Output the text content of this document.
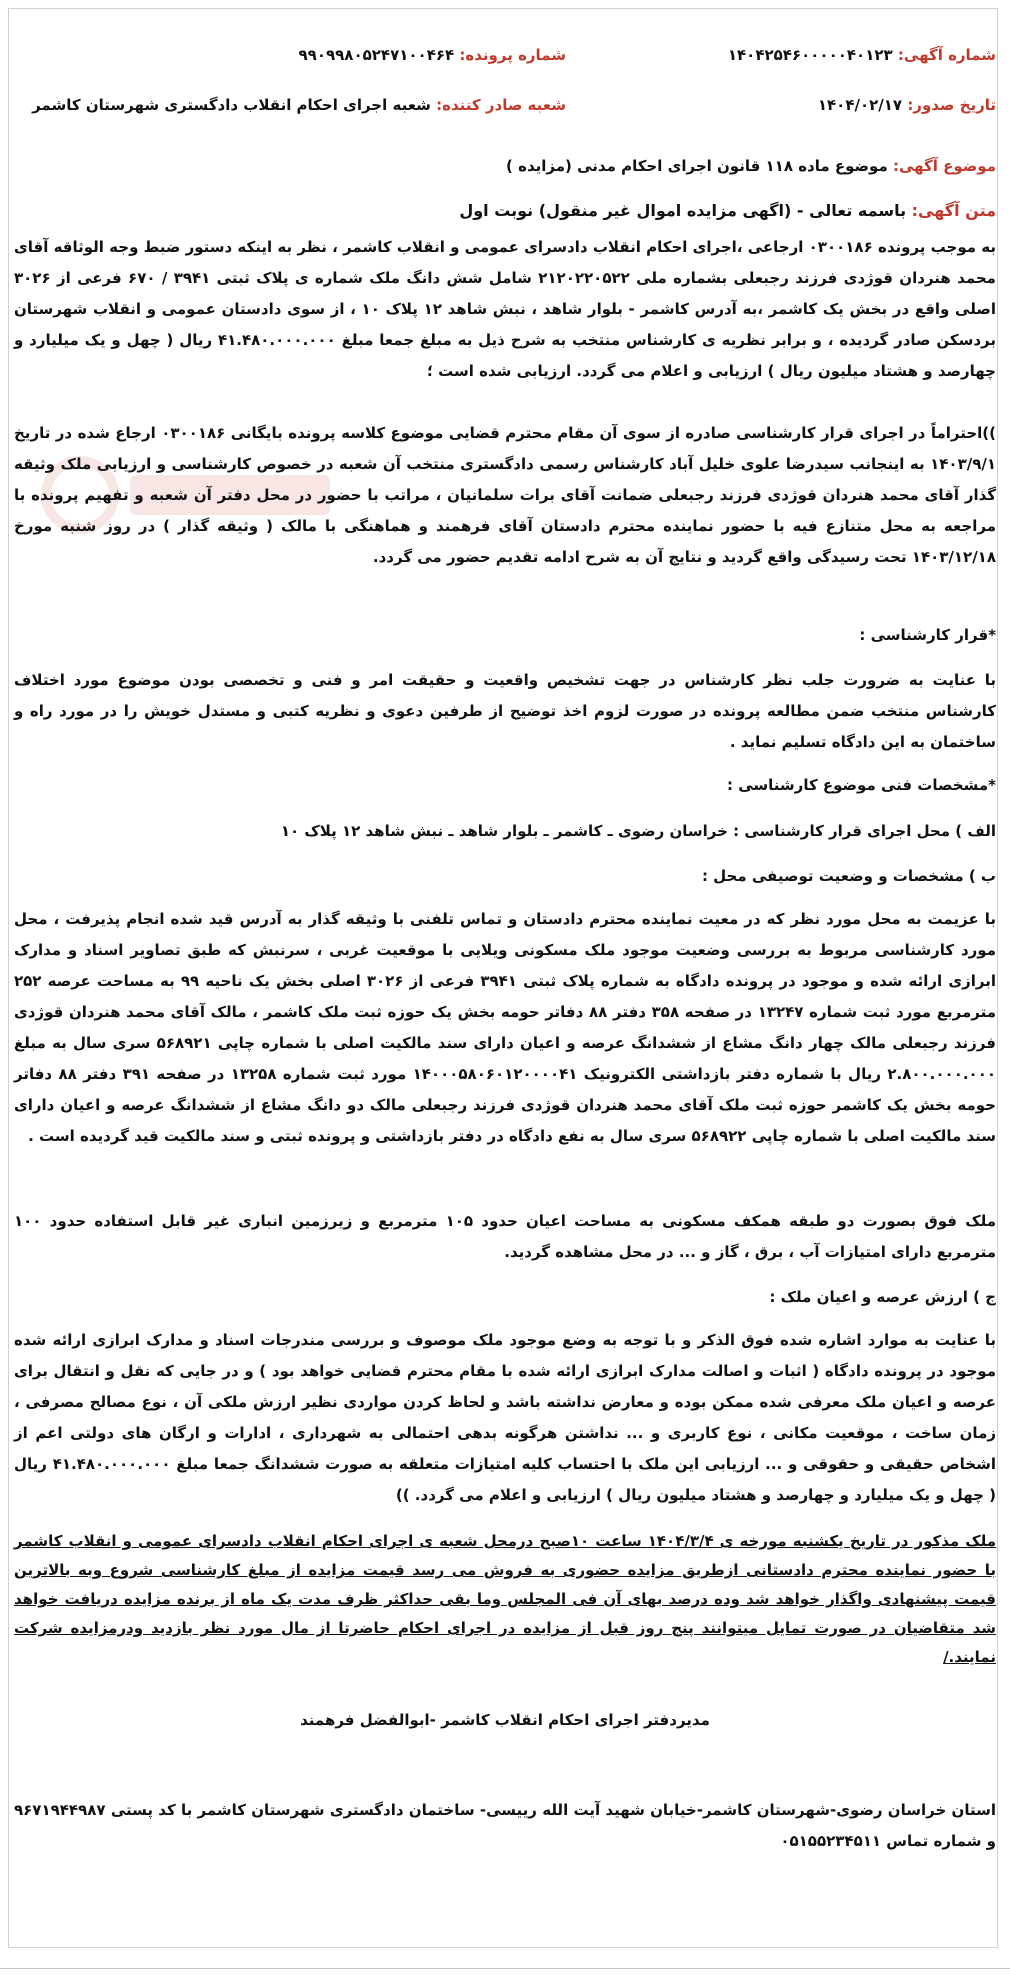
شماره آگهی: ۱۴۰۴۲۵۴۶۰۰۰۰۰۴۰۱۲۳
شماره پرونده: ۹۹۰۹۹۸۰۵۲۴۷۱۰۰۴۶۴
تاریخ صدور: ۱۴۰۴/۰۲/۱۷
شعبه صادر کننده: شعبه اجرای احکام انقلاب دادگستری شهرستان کاشمر
موضوع آگهی: موضوع ماده ۱۱۸ قانون اجرای احکام مدنی (مزایده )
متن آگهی: باسمه تعالی - (اگهی مزایده اموال غیر منقول) نوبت اول
به موجب پرونده ۰۳۰۰۱۸۶ ارجاعی ،اجرای احکام انقلاب دادسرای عمومی و انقلاب کاشمر ، نظر به اینکه دستور ضبط وجه الوثاقه آقای محمد هنردان قوژدی فرزند رجبعلی بشماره ملی ۲۱۲۰۲۲۰۵۲۲ شامل شش دانگ ملک شماره ی پلاک ثبتی ۳۹۴۱ / ۶۷۰ فرعی از ۳۰۲۶ اصلی واقع در بخش یک کاشمر ،به آدرس کاشمر - بلوار شاهد ، نبش شاهد ۱۲ پلاک ۱۰ ، از سوی دادستان عمومی و انقلاب شهرستان بردسکن صادر گردیده ، و برابر نظریه ی کارشناس منتخب به شرح ذیل به مبلغ جمعا مبلغ ۴۱.۴۸۰.۰۰۰.۰۰۰ ریال ( چهل و یک میلیارد و چهارصد و هشتاد میلیون ریال ) ارزیابی و اعلام می گردد. ارزیابی شده است ؛
))احتراماً در اجرای قرار کارشناسی صادره از سوی آن مقام محترم قضایی موضوع کلاسه پرونده بایگانی ۰۳۰۰۱۸۶ ارجاع شده در تاریخ ۱۴۰۳/۹/۱ به اینجانب سیدرضا علوی خلیل آباد کارشناس رسمی دادگستری منتخب آن شعبه در خصوص کارشناسی و ارزیابی ملک وثیقه گذار آقای محمد هنردان قوژدی فرزند رجبعلی ضمانت آقای برات سلمانیان ، مراتب با حضور در محل دفتر آن شعبه و تفهیم پرونده با مراجعه به محل متنازع فیه با حضور نماینده محترم دادستان آقای فرهمند و هماهنگی با مالک ( وثیقه گذار ) در روز شنبه مورخ ۱۴۰۳/۱۲/۱۸ تحت رسیدگی واقع گردید و نتایج آن به شرح ادامه تقدیم حضور می گردد.
*قرار کارشناسی :
با عنایت به ضرورت جلب نظر کارشناس در جهت تشخیص واقعیت و حقیقت امر و فنی و تخصصی بودن موضوع مورد اختلاف کارشناس منتخب ضمن مطالعه پرونده در صورت لزوم اخذ توضیح از طرفین دعوی و نظریه کتبی و مستدل خویش را در مورد راه و ساختمان به این دادگاه تسلیم نماید .
*مشخصات فنی موضوع کارشناسی :
الف ) محل اجرای قرار کارشناسی : خراسان رضوی ـ کاشمر ـ بلوار شاهد ـ نبش شاهد ۱۲ پلاک ۱۰
ب ) مشخصات و وضعیت توصیفی محل :
با عزیمت به محل مورد نظر که در معیت نماینده محترم دادستان و تماس تلفنی با وثیقه گذار به آدرس قید شده انجام پذیرفت ، محل مورد کارشناسی مربوط به بررسی وضعیت موجود ملک مسکونی ویلایی با موقعیت غربی ، سرنبش که طبق تصاویر اسناد و مدارک ابرازی ارائه شده و موجود در پرونده دادگاه به شماره پلاک ثبتی ۳۹۴۱ فرعی از ۳۰۲۶ اصلی بخش یک ناحیه ۹۹ به مساحت عرصه ۲۵۲ مترمربع مورد ثبت شماره ۱۳۲۴۷ در صفحه ۳۵۸ دفتر ۸۸ دفاتر حومه بخش یک حوزه ثبت ملک کاشمر ، مالک آقای محمد هنردان قوژدی فرزند رجبعلی مالک چهار دانگ مشاع از ششدانگ عرصه و اعیان دارای سند مالکیت اصلی با شماره چاپی ۵۶۸۹۲۱ سری سال به مبلغ ۲.۸۰۰.۰۰۰.۰۰۰ ریال با شماره دفتر بازداشتی الکترونیک ۱۴۰۰۰۵۸۰۶۰۱۲۰۰۰۰۴۱ مورد ثبت شماره ۱۳۲۵۸ در صفحه ۳۹۱ دفتر ۸۸ دفاتر حومه بخش یک کاشمر حوزه ثبت ملک آقای محمد هنردان قوژدی فرزند رجبعلی مالک دو دانگ مشاع از ششدانگ عرصه و اعیان دارای سند مالکیت اصلی با شماره چاپی ۵۶۸۹۲۲ سری سال به نفع دادگاه در دفتر بازداشتی و پرونده ثبتی و سند مالکیت قید گردیده است .
ملک فوق بصورت دو طبقه همکف مسکونی به مساحت اعیان حدود ۱۰۵ مترمربع و زیرزمین انباری غیر قابل استفاده حدود ۱۰۰ مترمربع دارای امتیازات آب ، برق ، گاز و ... در محل مشاهده گردید.
ج ) ارزش عرصه و اعیان ملک :
با عنایت به موارد اشاره شده فوق الذکر و با توجه به وضع موجود ملک موصوف و بررسی مندرجات اسناد و مدارک ابرازی ارائه شده موجود در پرونده دادگاه ( اثبات و اصالت مدارک ابرازی ارائه شده با مقام محترم قضایی خواهد بود ) و در جایی که نقل و انتقال برای عرصه و اعیان ملک معرفی شده ممکن بوده و معارض نداشته باشد و لحاظ کردن مواردی نظیر ارزش ملکی آن ، نوع مصالح مصرفی ، زمان ساخت ، موقعیت مکانی ، نوع کاربری و ... نداشتن هرگونه بدهی احتمالی به شهرداری ، ادارات و ارگان های دولتی اعم از اشخاص حقیقی و حقوقی و ... ارزیابی این ملک با احتساب کلیه امتیازات متعلقه به صورت ششدانگ جمعا مبلغ ۴۱.۴۸۰.۰۰۰.۰۰۰ ریال ( چهل و یک میلیارد و چهارصد و هشتاد میلیون ریال ) ارزیابی و اعلام می گردد. ))
ملک مذکور در تاریخ یکشنبه مورخه ی ۱۴۰۴/۳/۴ ساعت ۱۰صبح درمحل شعبه ی اجرای احکام انقلاب دادسرای عمومی و انقلاب کاشمر با حضور نماینده محترم دادستانی ازطریق مزایده حضوری به فروش می رسد قیمت مزایده از مبلغ کارشناسی شروع وبه بالاترین قیمت پیشنهادی واگذار خواهد شد وده درصد بهای آن فی المجلس وما بقی حداکثر ظرف مدت یک ماه از برنده مزایده دریافت خواهد شد متقاضیان در صورت تمایل میتوانند پنج روز قبل از مزایده در اجرای احکام حاضرتا از مال مورد نظر بازدید ودرمزایده شرکت نمایند./
مدیردفتر اجرای احکام انقلاب کاشمر -ابوالفضل فرهمند
استان خراسان رضوی-شهرستان کاشمر-خیابان شهید آیت الله رییسی- ساختمان دادگستری شهرستان کاشمر با کد پستی ۹۶۷۱۹۴۴۹۸۷ و شماره تماس ۰۵۱۵۵۲۳۴۵۱۱
